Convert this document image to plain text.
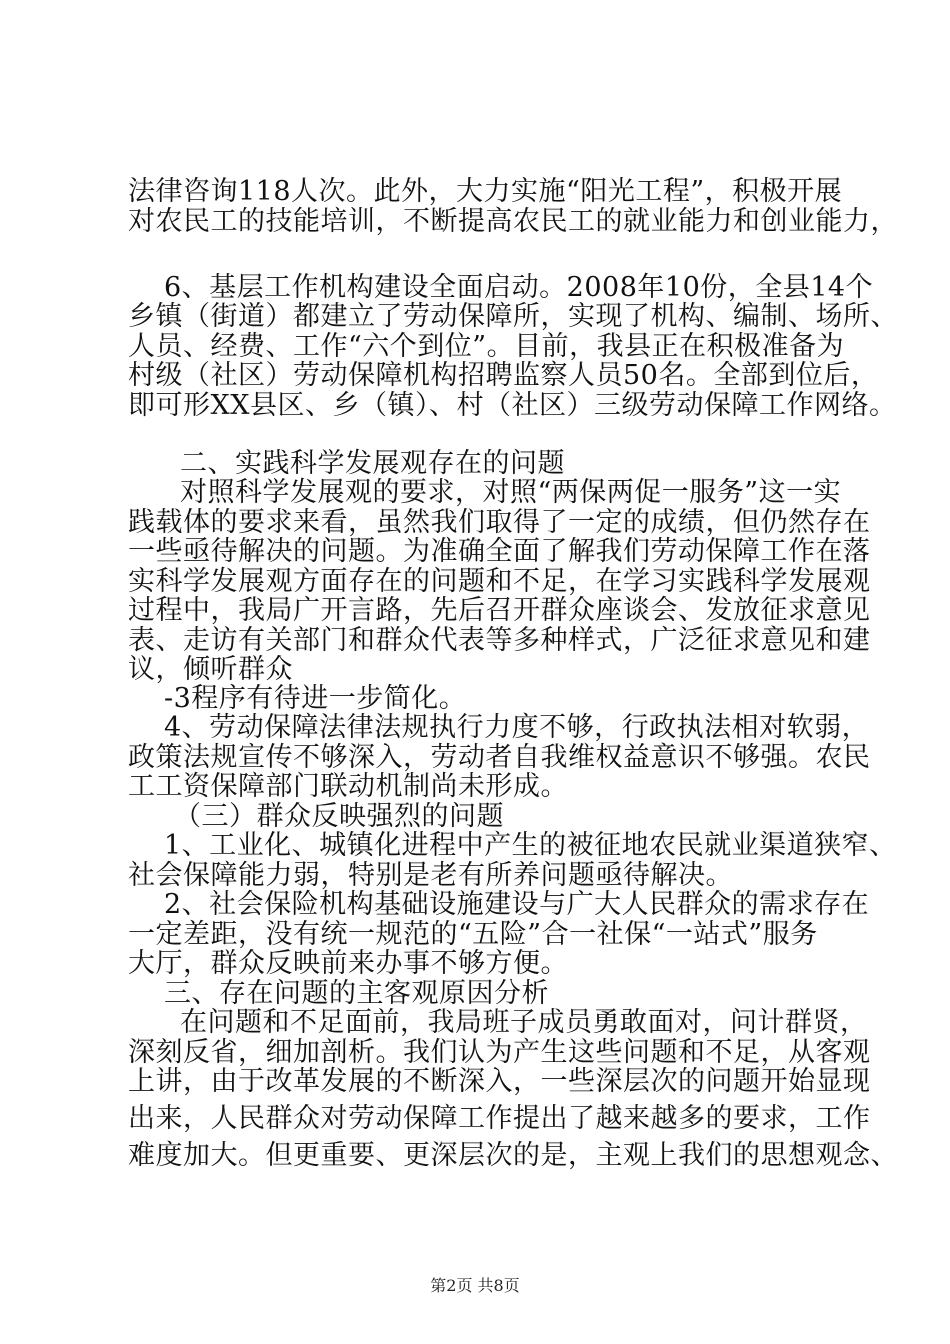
法律咨询118人次。此外，大力实施“阳光工程”，积极开展
对农民工的技能培训，不断提高农民工的就业能力和创业能力，
6、基层工作机构建设全面启动。2008年10份，全县14个
乡镇（街道）都建立了劳动保障所，实现了机构、编制、场所、
人员、经费、工作“六个到位”。目前，我县正在积极准备为
村级（社区）劳动保障机构招聘监察人员50名。全部到位后，
即可形XX县区、乡（镇）、村（社区）三级劳动保障工作网络。
二、实践科学发展观存在的问题
对照科学发展观的要求，对照“两保两促一服务”这一实
践载体的要求来看，虽然我们取得了一定的成绩，但仍然存在
一些亟待解决的问题。为准确全面了解我们劳动保障工作在落
实科学发展观方面存在的问题和不足，在学习实践科学发展观
过程中，我局广开言路，先后召开群众座谈会、发放征求意见
表、走访有关部门和群众代表等多种样式，广泛征求意见和建
议，倾听群众
-3程序有待进一步简化。
4、劳动保障法律法规执行力度不够，行政执法相对软弱，
政策法规宣传不够深入，劳动者自我维权益意识不够强。农民
工工资保障部门联动机制尚未形成。
（三）群众反映强烈的问题
1、工业化、城镇化进程中产生的被征地农民就业渠道狭窄、
社会保障能力弱，特别是老有所养问题亟待解决。
2、社会保险机构基础设施建设与广大人民群众的需求存在
一定差距，没有统一规范的“五险”合一社保“一站式”服务
大厅，群众反映前来办事不够方便。
三、存在问题的主客观原因分析
在问题和不足面前，我局班子成员勇敢面对，问计群贤，
深刻反省，细加剖析。我们认为产生这些问题和不足，从客观
上讲，由于改革发展的不断深入，一些深层次的问题开始显现
出来，人民群众对劳动保障工作提出了越来越多的要求，工作
难度加大。但更重要、更深层次的是，主观上我们的思想观念、
第2页 共8页
